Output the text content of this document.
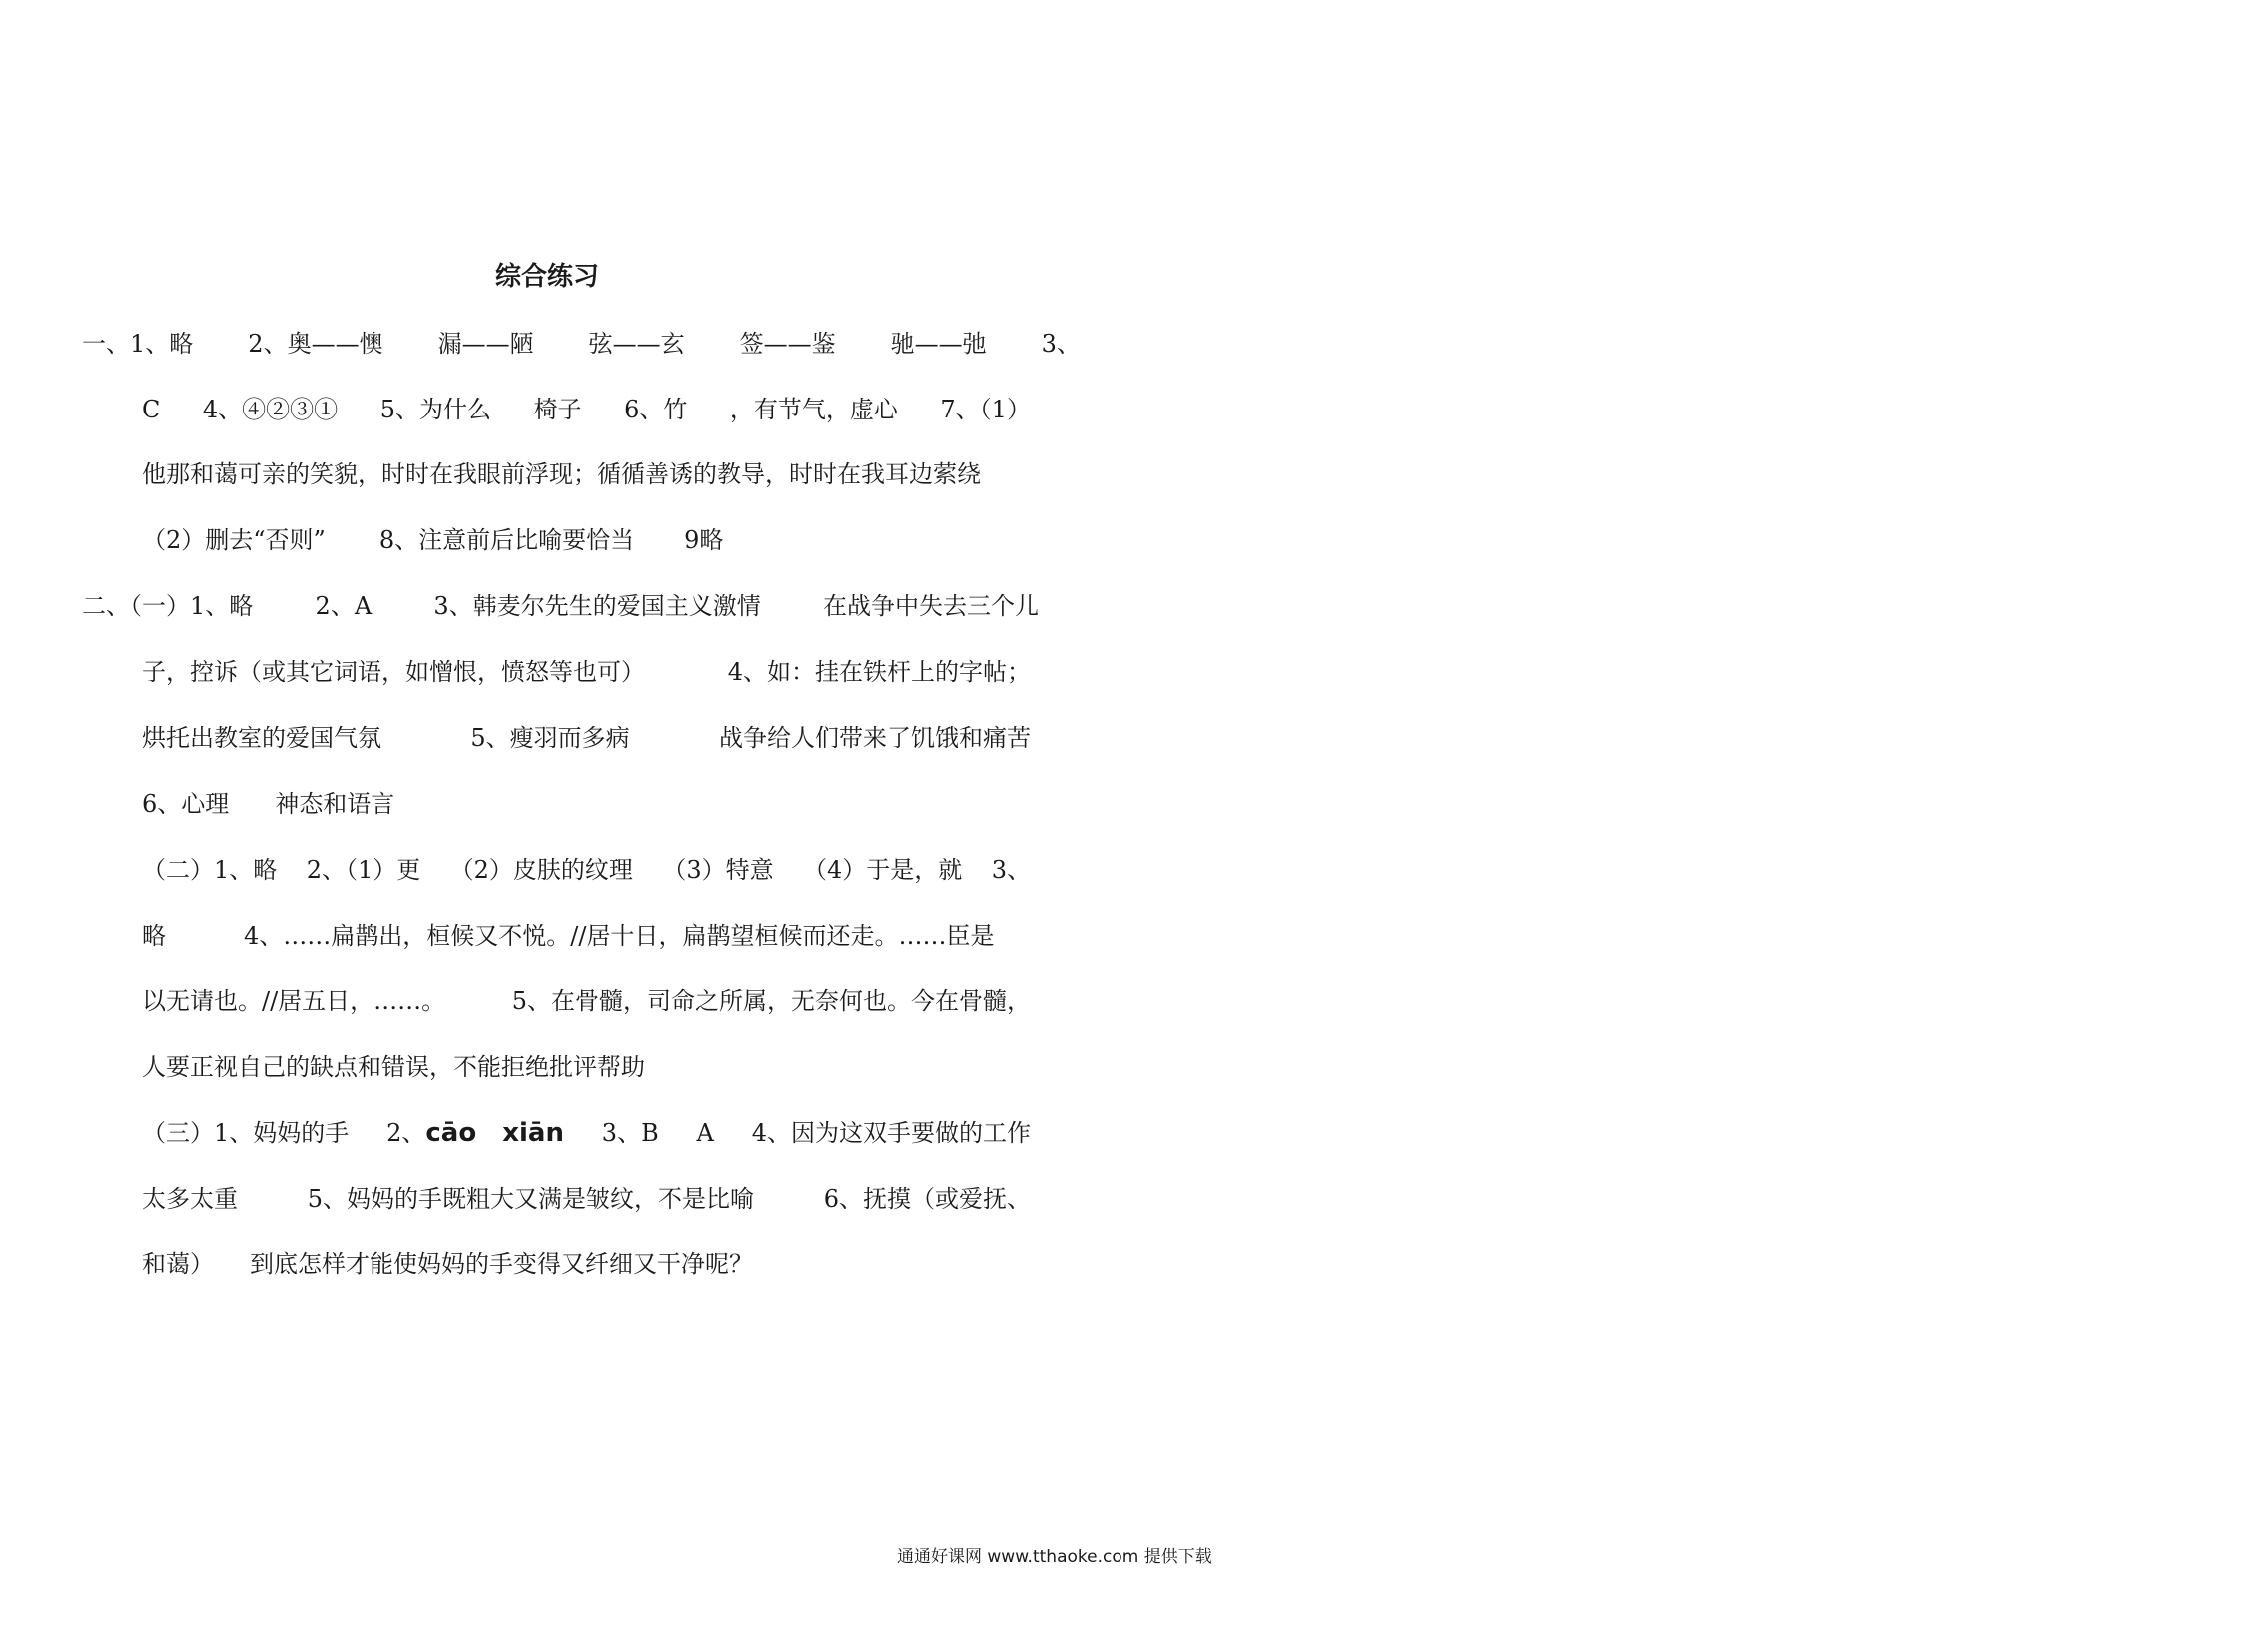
综合练习
一、1、略 2、奥——懊 漏——陋 弦——玄 签——鉴 驰——弛 3、
C 4、④②③① 5、为什么 椅子 6、竹 ，有节气，虚心 7、（1）
他那和蔼可亲的笑貌，时时在我眼前浮现；循循善诱的教导，时时在我耳边萦绕
（2）删去“否则” 8、注意前后比喻要恰当 9略
二、（一）1、略	2、A	3、韩麦尔先生的爱国主义激情	在战争中失去三个儿
子，控诉（或其它词语，如憎恨，愤怒等也可）	4、如：挂在铁杆上的字帖；
烘托出教室的爱国气氛	5、瘦羽而多病	战争给人们带来了饥饿和痛苦
6、心理 神态和语言
（二）1、略 2、（1）更 （2）皮肤的纹理 （3）特意 （4）于是，就 3、
略	4、……扁鹊出，桓候又不悦。//居十日，扁鹊望桓候而还走。……臣是
以无请也。//居五日，……。	5、在骨髓，司命之所属，无奈何也。今在骨髓，
人要正视自己的缺点和错误，不能拒绝批评帮助
（三）1、妈妈的手 2、cāo xiān 3、B A 4、因为这双手要做的工作
太多太重	5、妈妈的手既粗大又满是皱纹，不是比喻	6、抚摸（或爱抚、
和蔼） 到底怎样才能使妈妈的手变得又纤细又干净呢？
通通好课网 www.tthaoke.com 提供下载
